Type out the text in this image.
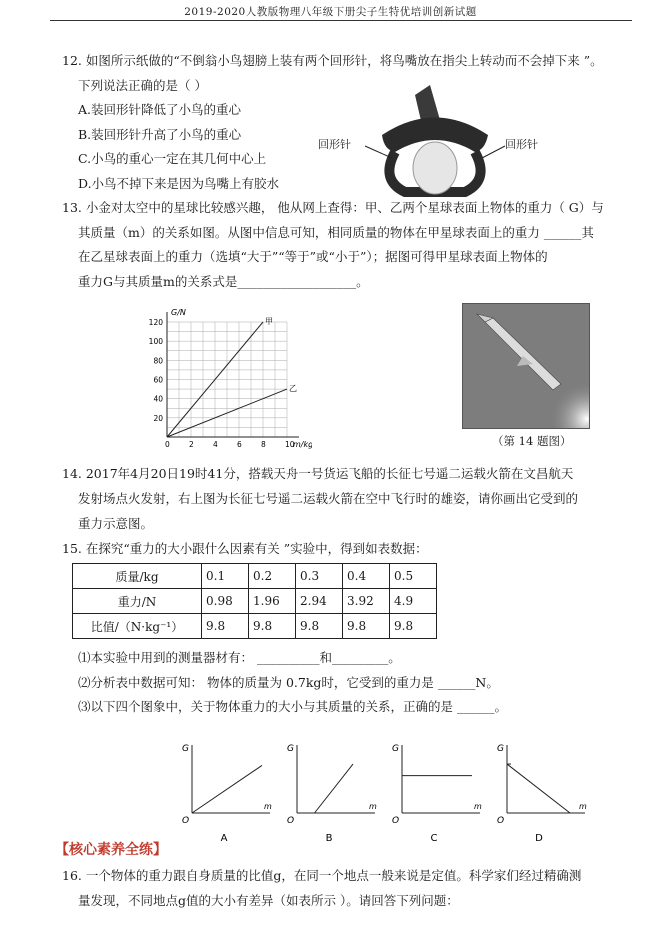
2019-2020人教版物理八年级下册尖子生特优培训创新试题
12. 如图所示纸做的“不倒翁小鸟翅膀上装有两个回形针，将鸟嘴放在指尖上转动而不会掉下来 ”。
下列说法正确的是（ ）
A.装回形针降低了小鸟的重心
B.装回形针升高了小鸟的重心
C.小鸟的重心一定在其几何中心上
D.小鸟不掉下来是因为鸟嘴上有胶水
回形针	回形针
13. 小金对太空中的星球比较感兴趣， 他从网上查得：甲、乙两个星球表面上物体的重力（ G）与
其质量（m）的关系如图。从图中信息可知，相同质量的物体在甲星球表面上的重力 ______其
在乙星球表面上的重力（选填“大于”“等于”或“小于”）；据图可得甲星球表面上物体的
重力G与其质量m的关系式是___________________。
G/N
m/kg
0	2	4	6	8	10
20
40
60
80
100
120	甲
乙
（第 14 题图）
14. 2017年4月20日19时41分，搭载天舟一号货运飞船的长征七号遥二运载火箭在文昌航天
发射场点火发射，右上图为长征七号遥二运载火箭在空中飞行时的雄姿，请你画出它受到的
重力示意图。
15. 在探究“重力的大小跟什么因素有关 ”实验中，得到如表数据：
质量/kg	0.1	0.2	0.3	0.4	0.5
重力/N	0.98	1.96	2.94	3.92	4.9
比值/（N·kg⁻¹）	9.8	9.8	9.8	9.8	9.8
⑴本实验中用到的测量器材有： __________和_________。
⑵分析表中数据可知： 物体的质量为 0.7kg时，它受到的重力是 ______N。
⑶以下四个图象中，关于物体重力的大小与其质量的关系，正确的是 ______。
G
m
O
A
G
m
O
B
G
m
O
C
G
m
O
D
【核心素养全练】
16. 一个物体的重力跟自身质量的比值g，在同一个地点一般来说是定值。科学家们经过精确测
量发现，不同地点g值的大小有差异（如表所示 ）。请回答下列问题：
